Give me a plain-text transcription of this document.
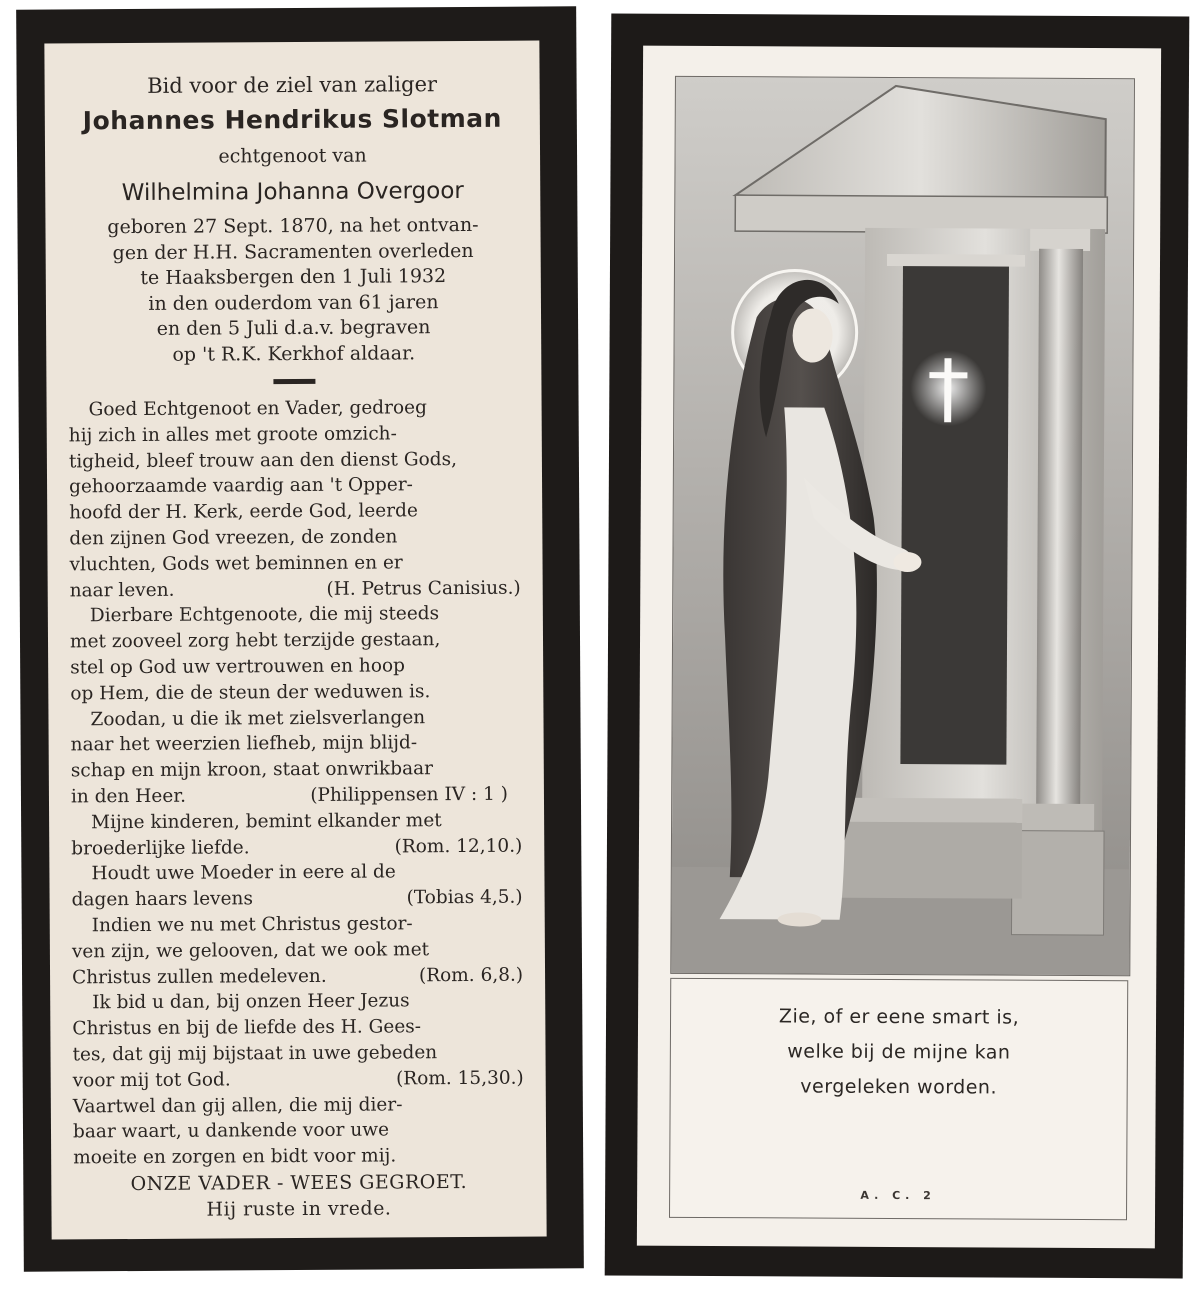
Bid voor de ziel van zaliger

Johannes Hendrikus Slotman

echtgenoot van

Wilhelmina Johanna Overgoor

geboren 27 Sept. 1870, na het ontvan-

gen der H.H. Sacramenten overleden

te Haaksbergen den 1 Juli 1932

in den ouderdom van 61 jaren

en den 5 Juli d.a.v. begraven

op 't R.K. Kerkhof aldaar.

Goed Echtgenoot en Vader, gedroeg

hij zich in alles met groote omzich-

tigheid, bleef trouw aan den dienst Gods,

gehoorzaamde vaardig aan 't Opper-

hoofd der H. Kerk, eerde God, leerde

den zijnen God vreezen, de zonden

vluchten, Gods wet beminnen en er

naar leven.	(H. Petrus Canisius.)

Dierbare Echtgenoote, die mij steeds

met zooveel zorg hebt terzijde gestaan,

stel op God uw vertrouwen en hoop

op Hem, die de steun der weduwen is.

Zoodan, u die ik met zielsverlangen

naar het weerzien liefheb, mijn blijd-

schap en mijn kroon, staat onwrikbaar

in den Heer.	(Philippensen IV : 1 )

Mijne kinderen, bemint elkander met

broederlijke liefde.	(Rom. 12,10.)

Houdt uwe Moeder in eere al de

dagen haars levens	(Tobias 4,5.)

Indien we nu met Christus gestor-

ven zijn, we gelooven, dat we ook met

Christus zullen medeleven.	(Rom. 6,8.)

Ik bid u dan, bij onzen Heer Jezus

Christus en bij de liefde des H. Gees-

tes, dat gij mij bijstaat in uwe gebeden

voor mij tot God.	(Rom. 15,30.)

Vaartwel dan gij allen, die mij dier-

baar waart, u dankende voor uwe

moeite en zorgen en bidt voor mij.

ONZE VADER - WEES GEGROET.

Hij ruste in vrede.

Zie, of er eene smart is,
welke bij de mijne kan
vergeleken worden.

A. C. 2
